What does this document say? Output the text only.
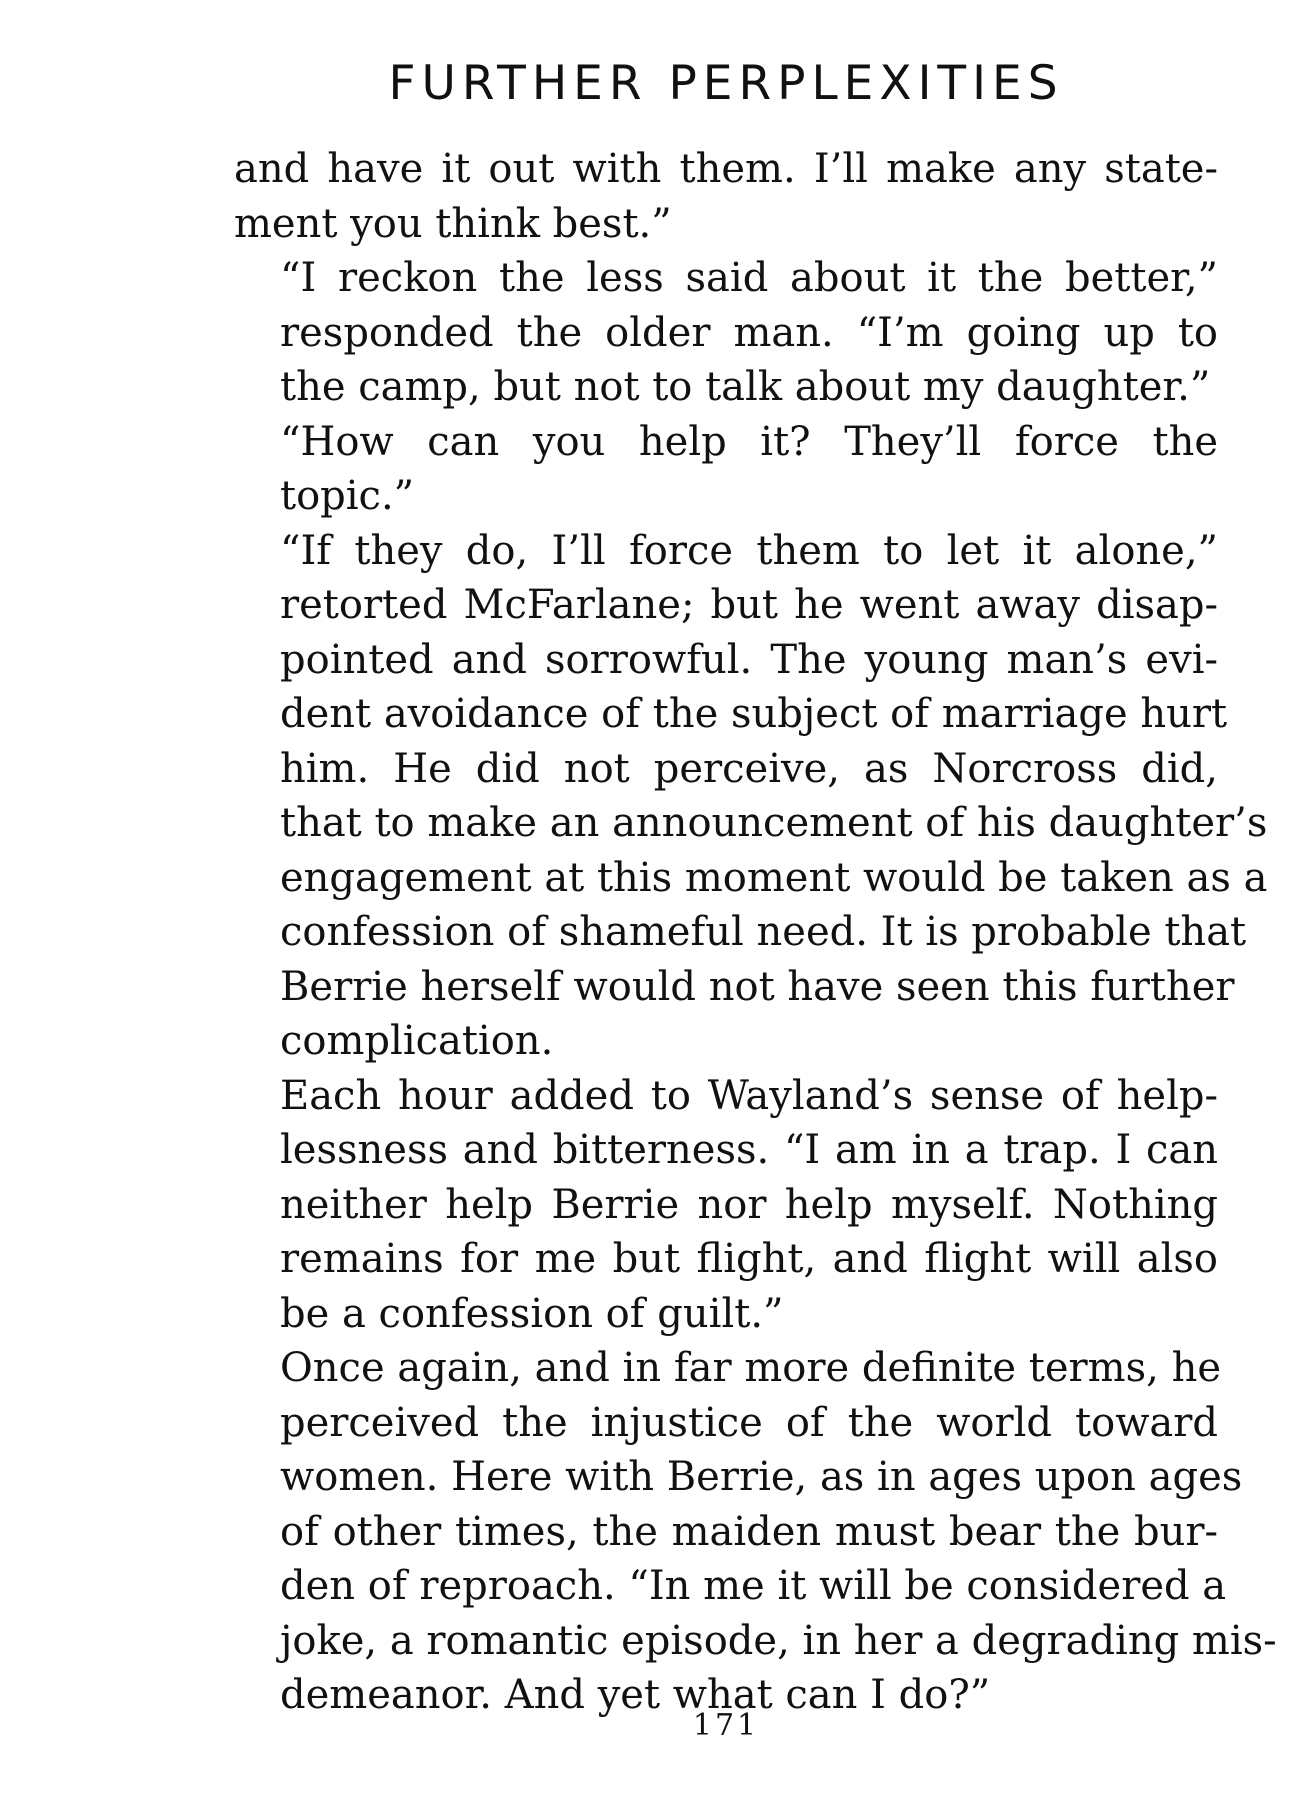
FURTHER PERPLEXITIES

and have it out with them. I’ll make any state-
ment you think best.”

“I reckon the less said about it the better,”
responded the older man. “I’m going up to
the camp, but not to talk about my daughter.”

“How can you help it? They’ll force the
topic.”

“If they do, I’ll force them to let it alone,”
retorted McFarlane; but he went away disap-
pointed and sorrowful. The young man’s evi-
dent avoidance of the subject of marriage hurt
him. He did not perceive, as Norcross did,
that to make an announcement of his daughter’s
engagement at this moment would be taken as a
confession of shameful need. It is probable that
Berrie herself would not have seen this further
complication.

Each hour added to Wayland’s sense of help-
lessness and bitterness. “I am in a trap. I can
neither help Berrie nor help myself. Nothing
remains for me but flight, and flight will also
be a confession of guilt.”

Once again, and in far more definite terms, he
perceived the injustice of the world toward
women. Here with Berrie, as in ages upon ages
of other times, the maiden must bear the bur-
den of reproach. “In me it will be considered a
joke, a romantic episode, in her a degrading mis-
demeanor. And yet what can I do?”

171
